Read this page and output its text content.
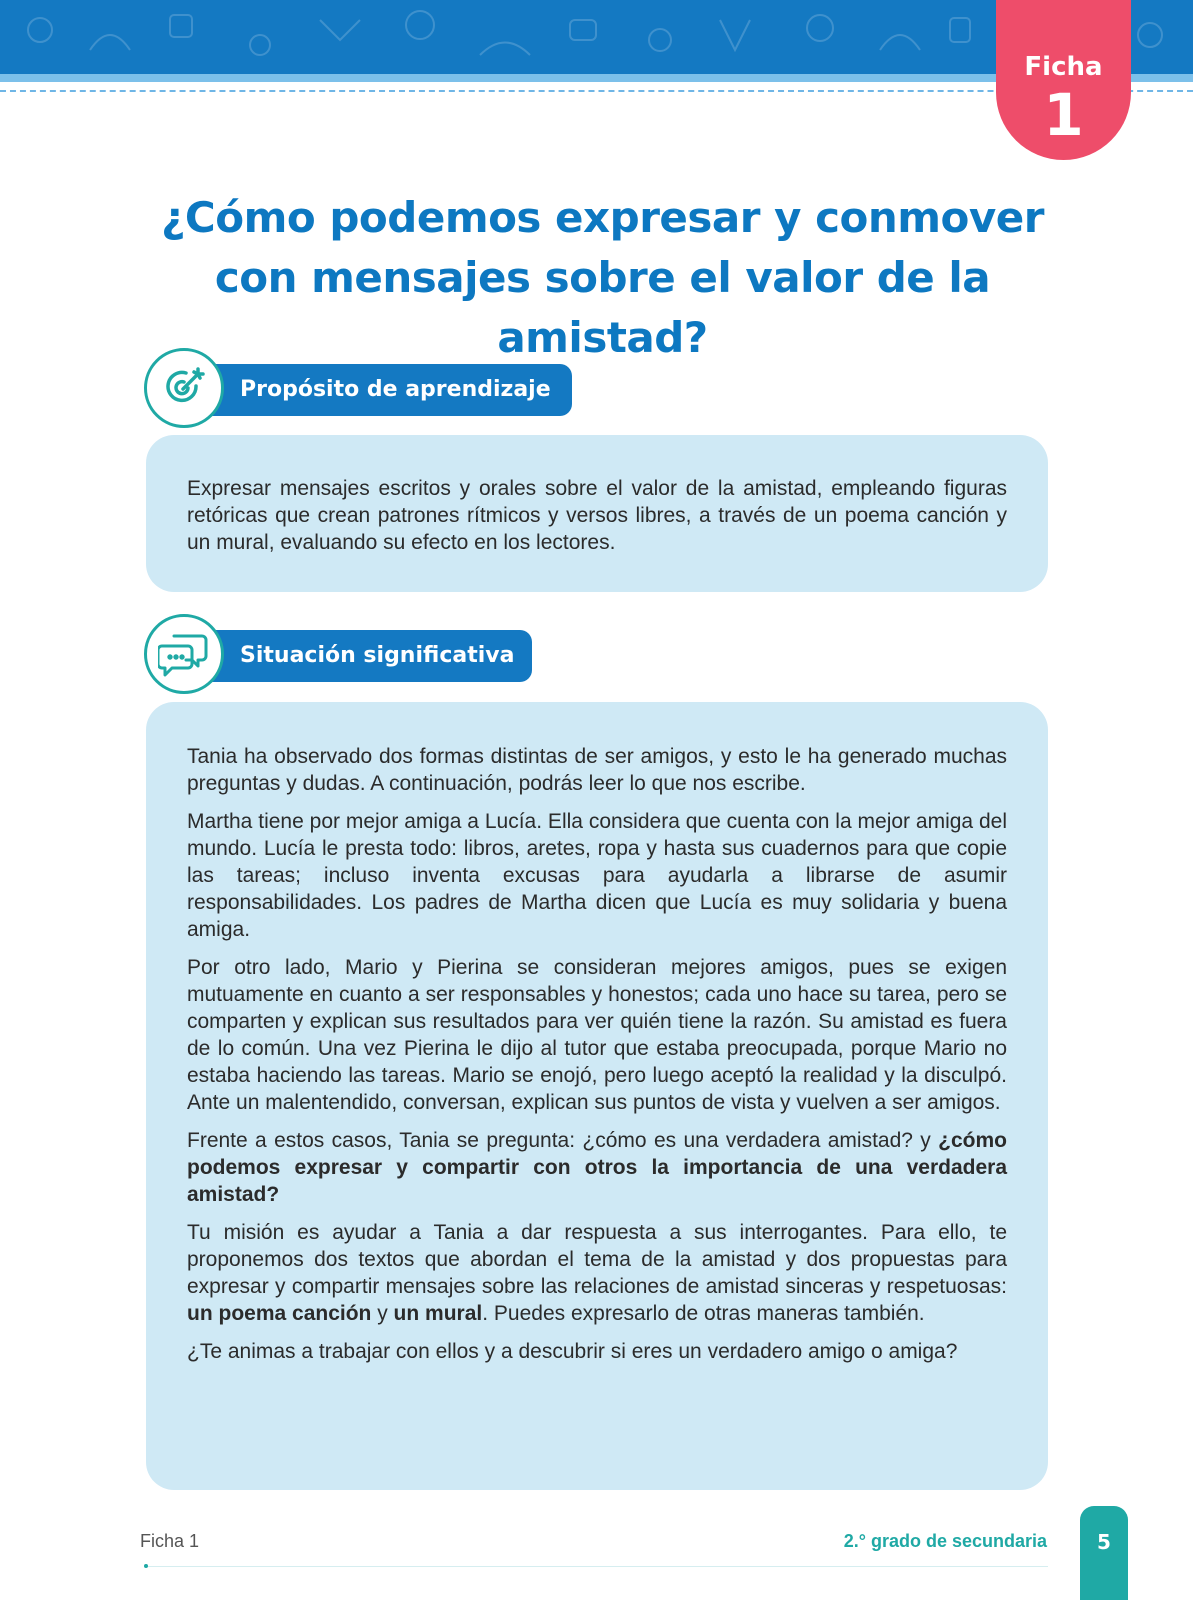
Ficha
1
¿Cómo podemos expresar y conmover con mensajes sobre el valor de la amistad?
Propósito de aprendizaje

Expresar mensajes escritos y orales sobre el valor de la amistad, empleando figuras retóricas que crean patrones rítmicos y versos libres, a través de un poema canción y un mural, evaluando su efecto en los lectores.

Situación significativa

Tania ha observado dos formas distintas de ser amigos, y esto le ha generado muchas preguntas y dudas. A continuación, podrás leer lo que nos escribe.

Martha tiene por mejor amiga a Lucía. Ella considera que cuenta con la mejor amiga del mundo. Lucía le presta todo: libros, aretes, ropa y hasta sus cuadernos para que copie las tareas; incluso inventa excusas para ayudarla a librarse de asumir responsabilidades. Los padres de Martha dicen que Lucía es muy solidaria y buena amiga.

Por otro lado, Mario y Pierina se consideran mejores amigos, pues se exigen mutuamente en cuanto a ser responsables y honestos; cada uno hace su tarea, pero se comparten y explican sus resultados para ver quién tiene la razón. Su amistad es fuera de lo común. Una vez Pierina le dijo al tutor que estaba preocupada, porque Mario no estaba haciendo las tareas. Mario se enojó, pero luego aceptó la realidad y la disculpó. Ante un malentendido, conversan, explican sus puntos de vista y vuelven a ser amigos.

Frente a estos casos, Tania se pregunta: ¿cómo es una verdadera amistad? y ¿cómo podemos expresar y compartir con otros la importancia de una verdadera amistad?

Tu misión es ayudar a Tania a dar respuesta a sus interrogantes. Para ello, te proponemos dos textos que abordan el tema de la amistad y dos propuestas para expresar y compartir mensajes sobre las relaciones de amistad sinceras y respetuosas: un poema canción y un mural. Puedes expresarlo de otras maneras también.

¿Te animas a trabajar con ellos y a descubrir si eres un verdadero amigo o amiga?

Ficha 1	2.° grado de secundaria	5
